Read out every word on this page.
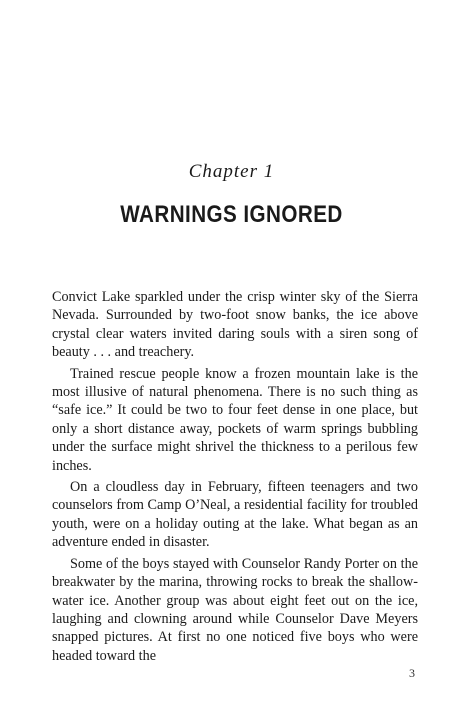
Chapter 1
WARNINGS IGNORED

Convict Lake sparkled under the crisp winter sky of the Sierra Nevada. Surrounded by two-foot snow banks, the ice above crystal clear waters invited daring souls with a siren song of beauty . . . and treachery.

Trained rescue people know a frozen mountain lake is the most illusive of natural phenomena. There is no such thing as “safe ice.” It could be two to four feet dense in one place, but only a short distance away, pockets of warm springs bubbling under the surface might shrivel the thickness to a perilous few inches.

On a cloudless day in February, fifteen teenagers and two counselors from Camp O’Neal, a residential facility for troubled youth, were on a holiday outing at the lake. What began as an adventure ended in disaster.

Some of the boys stayed with Counselor Randy Porter on the breakwater by the marina, throwing rocks to break the shallow-water ice. Another group was about eight feet out on the ice, laughing and clowning around while Counselor Dave Meyers snapped pictures. At first no one noticed five boys who were headed toward the

3
